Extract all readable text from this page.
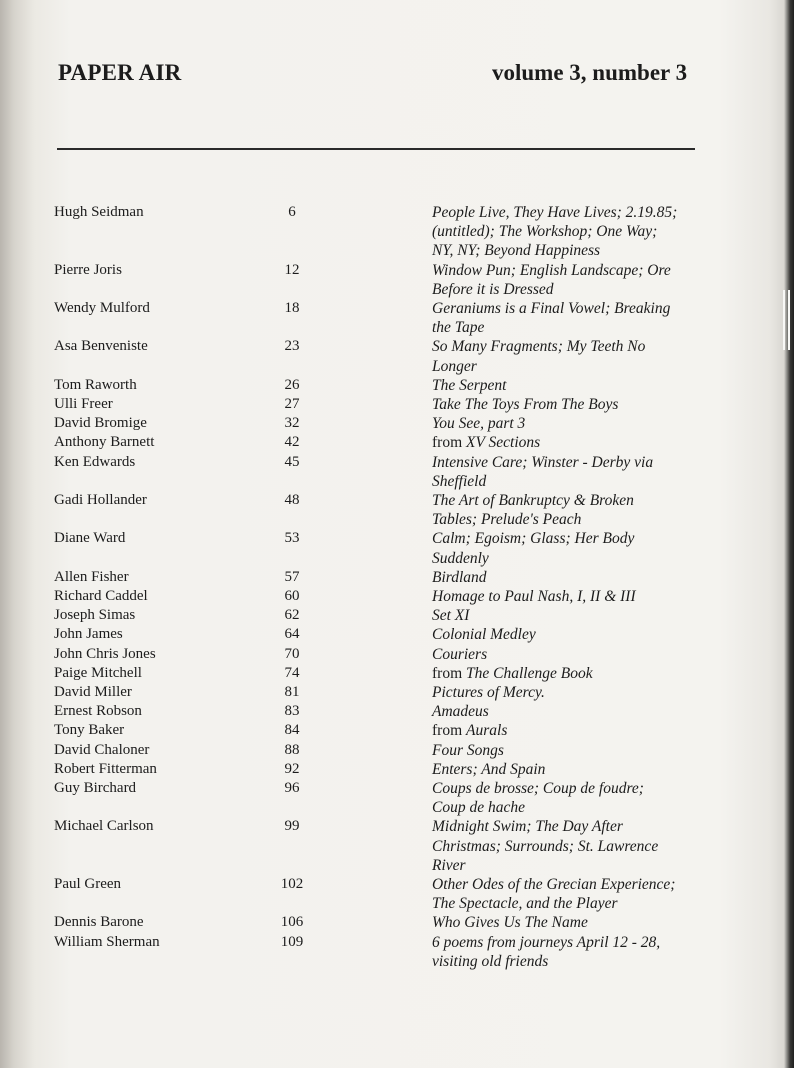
PAPER AIR	volume 3, number 3
Hugh Seidman	6	People Live, They Have Lives; 2.19.85;
(untitled); The Workshop; One Way;
NY, NY; Beyond Happiness
Pierre Joris	12	Window Pun; English Landscape; Ore
Before it is Dressed
Wendy Mulford	18	Geraniums is a Final Vowel; Breaking
the Tape
Asa Benveniste	23	So Many Fragments; My Teeth No
Longer
Tom Raworth	26	The Serpent
Ulli Freer	27	Take The Toys From The Boys
David Bromige	32	You See, part 3
Anthony Barnett	42	from XV Sections
Ken Edwards	45	Intensive Care; Winster - Derby via
Sheffield
Gadi Hollander	48	The Art of Bankruptcy & Broken
Tables; Prelude's Peach
Diane Ward	53	Calm; Egoism; Glass; Her Body
Suddenly
Allen Fisher	57	Birdland
Richard Caddel	60	Homage to Paul Nash, I, II & III
Joseph Simas	62	Set XI
John James	64	Colonial Medley
John Chris Jones	70	Couriers
Paige Mitchell	74	from The Challenge Book
David Miller	81	Pictures of Mercy.
Ernest Robson	83	Amadeus
Tony Baker	84	from Aurals
David Chaloner	88	Four Songs
Robert Fitterman	92	Enters; And Spain
Guy Birchard	96	Coups de brosse; Coup de foudre;
Coup de hache
Michael Carlson	99	Midnight Swim; The Day After
Christmas; Surrounds; St. Lawrence
River
Paul Green	102	Other Odes of the Grecian Experience;
The Spectacle, and the Player
Dennis Barone	106	Who Gives Us The Name
William Sherman	109	6 poems from journeys April 12 - 28,
visiting old friends
